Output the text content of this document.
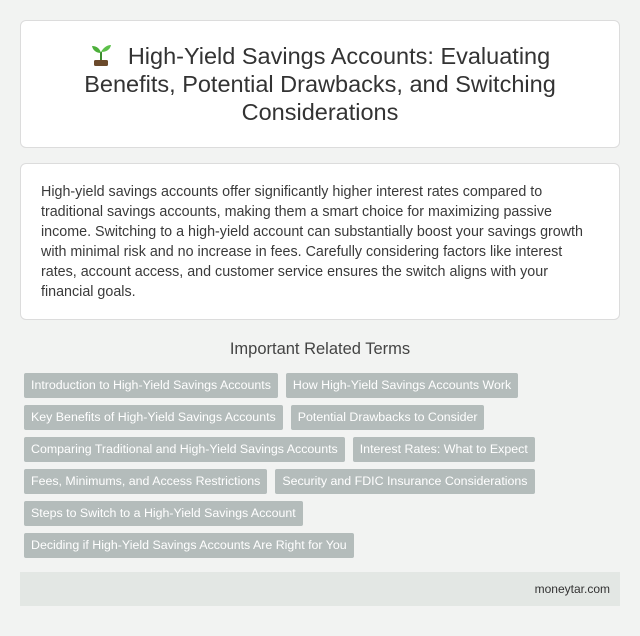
High-Yield Savings Accounts: Evaluating Benefits, Potential Drawbacks, and Switching Considerations

High-yield savings accounts offer significantly higher interest rates compared to traditional savings accounts, making them a smart choice for maximizing passive income. Switching to a high-yield account can substantially boost your savings growth with minimal risk and no increase in fees. Carefully considering factors like interest rates, account access, and customer service ensures the switch aligns with your financial goals.

Important Related Terms
Introduction to High-Yield Savings Accounts	How High-Yield Savings Accounts Work
Key Benefits of High-Yield Savings Accounts	Potential Drawbacks to Consider
Comparing Traditional and High-Yield Savings Accounts	Interest Rates: What to Expect
Fees, Minimums, and Access Restrictions	Security and FDIC Insurance Considerations
Steps to Switch to a High-Yield Savings Account
Deciding if High-Yield Savings Accounts Are Right for You
moneytar.com
